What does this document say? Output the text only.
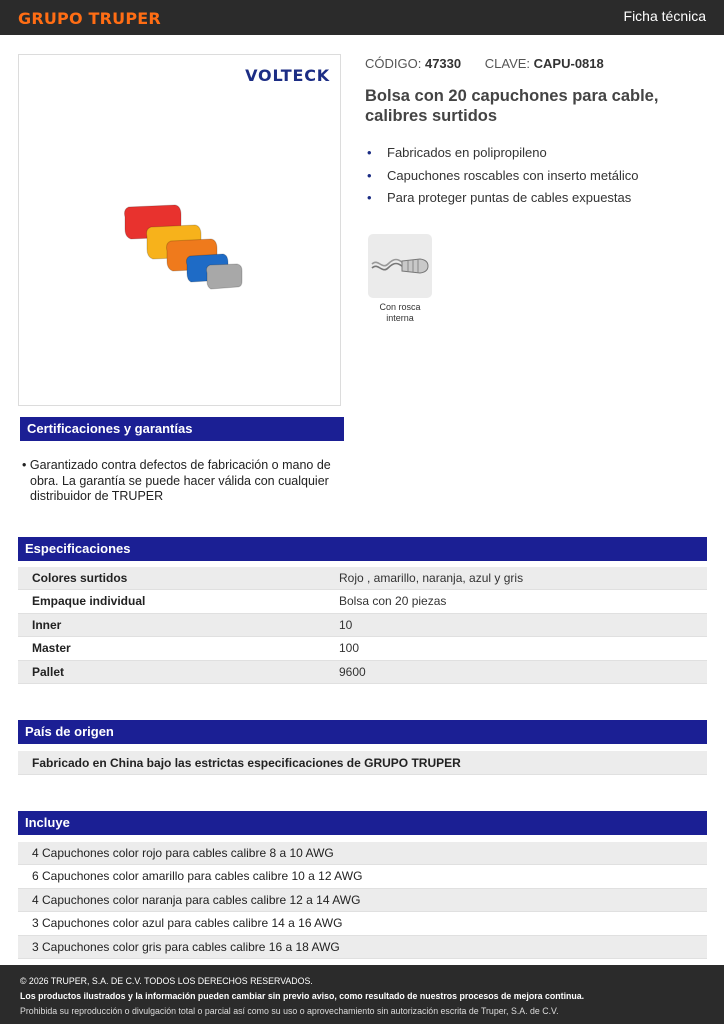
GRUPO TRUPER	Ficha técnica
VOLTECK
CÓDIGO: 47330 CLAVE: CAPU-0818
Bolsa con 20 capuchones para cable, calibres surtidos
• Fabricados en polipropileno
• Capuchones roscables con inserto metálico
• Para proteger puntas de cables expuestas
Con rosca interna
Certificaciones y garantías
• Garantizado contra defectos de fabricación o mano de obra. La garantía se puede hacer válida con cualquier distribuidor de TRUPER
Especificaciones
Colores surtidos	Rojo , amarillo, naranja, azul y gris
Empaque individual	Bolsa con 20 piezas
Inner	10
Master	100
Pallet	9600
País de origen
Fabricado en China bajo las estrictas especificaciones de GRUPO TRUPER
Incluye
4 Capuchones color rojo para cables calibre 8 a 10 AWG
6 Capuchones color amarillo para cables calibre 10 a 12 AWG
4 Capuchones color naranja para cables calibre 12 a 14 AWG
3 Capuchones color azul para cables calibre 14 a 16 AWG
3 Capuchones color gris para cables calibre 16 a 18 AWG
© 2026 TRUPER, S.A. DE C.V. TODOS LOS DERECHOS RESERVADOS.
Los productos ilustrados y la información pueden cambiar sin previo aviso, como resultado de nuestros procesos de mejora continua.
Prohibida su reproducción o divulgación total o parcial así como su uso o aprovechamiento sin autorización escrita de Truper, S.A. de C.V.
